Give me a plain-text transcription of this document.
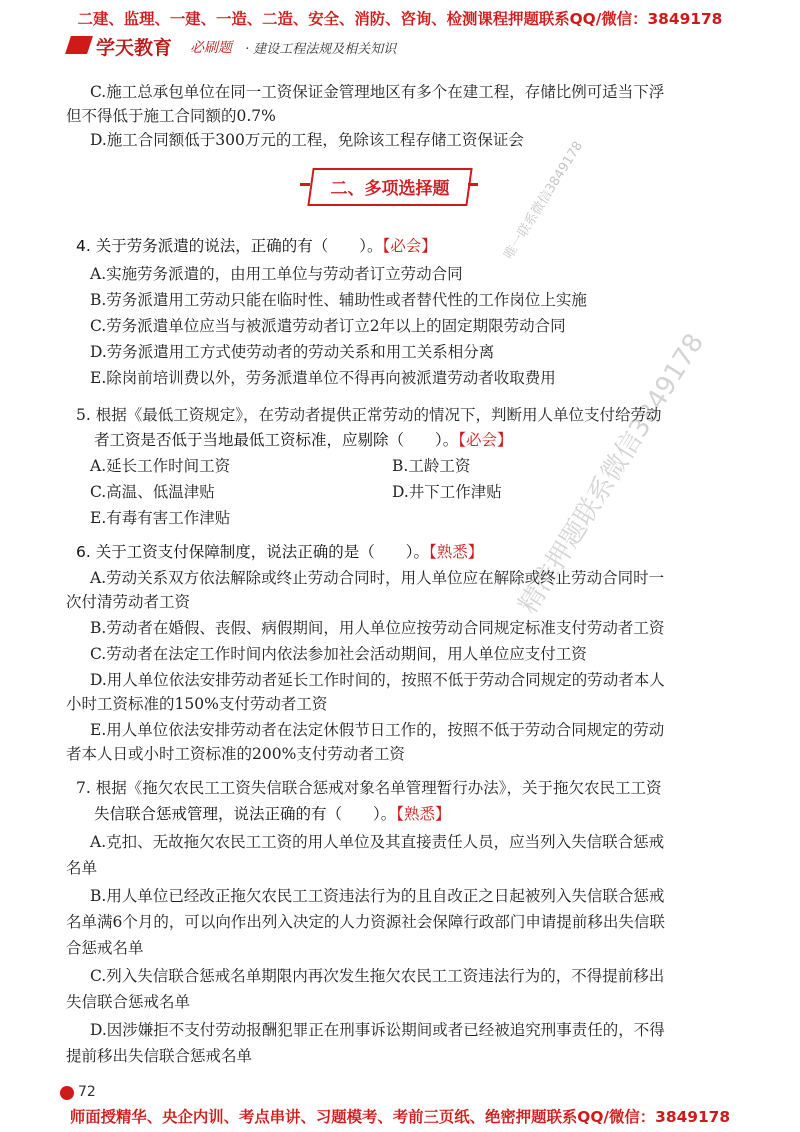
二建、监理、一建、一造、二造、安全、消防、咨询、检测课程押题联系QQ/微信：3849178
学天教育 必刷题 · 建设工程法规及相关知识
唯一联系微信3849178
精准押题联系微信3849178
二、多项选择题
C.施工总承包单位在同一工资保证金管理地区有多个在建工程，存储比例可适当下浮
但不得低于施工合同额的0.7%
D.施工合同额低于300万元的工程，免除该工程存储工资保证会
4. 关于劳务派遣的说法，正确的有（　　）。【必会】
A.实施劳务派遣的，由用工单位与劳动者订立劳动合同
B.劳务派遣用工劳动只能在临时性、辅助性或者替代性的工作岗位上实施
C.劳务派遣单位应当与被派遣劳动者订立2年以上的固定期限劳动合同
D.劳务派遣用工方式使劳动者的劳动关系和用工关系相分离
E.除岗前培训费以外，劳务派遣单位不得再向被派遣劳动者收取费用
5. 根据《最低工资规定》，在劳动者提供正常劳动的情况下，判断用人单位支付给劳动
者工资是否低于当地最低工资标准，应剔除（　　）。【必会】
A.延长工作时间工资	B.工龄工资
C.高温、低温津贴	D.井下工作津贴
E.有毒有害工作津贴
6. 关于工资支付保障制度，说法正确的是（　　）。【熟悉】
A.劳动关系双方依法解除或终止劳动合同时，用人单位应在解除或终止劳动合同时一
次付清劳动者工资
B.劳动者在婚假、丧假、病假期间，用人单位应按劳动合同规定标准支付劳动者工资
C.劳动者在法定工作时间内依法参加社会活动期间，用人单位应支付工资
D.用人单位依法安排劳动者延长工作时间的，按照不低于劳动合同规定的劳动者本人
小时工资标准的150%支付劳动者工资
E.用人单位依法安排劳动者在法定休假节日工作的，按照不低于劳动合同规定的劳动
者本人日或小时工资标准的200%支付劳动者工资
7. 根据《拖欠农民工工资失信联合惩戒对象名单管理暂行办法》，关于拖欠农民工工资
失信联合惩戒管理，说法正确的有（　　）。【熟悉】
A.克扣、无故拖欠农民工工资的用人单位及其直接责任人员，应当列入失信联合惩戒
名单
B.用人单位已经改正拖欠农民工工资违法行为的且自改正之日起被列入失信联合惩戒
名单满6个月的，可以向作出列入决定的人力资源社会保障行政部门申请提前移出失信联
合惩戒名单
C.列入失信联合惩戒名单期限内再次发生拖欠农民工工资违法行为的，不得提前移出
失信联合惩戒名单
D.因涉嫌拒不支付劳动报酬犯罪正在刑事诉讼期间或者已经被追究刑事责任的，不得
提前移出失信联合惩戒名单
72
师面授精华、央企内训、考点串讲、习题模考、考前三页纸、绝密押题联系QQ/微信：3849178
